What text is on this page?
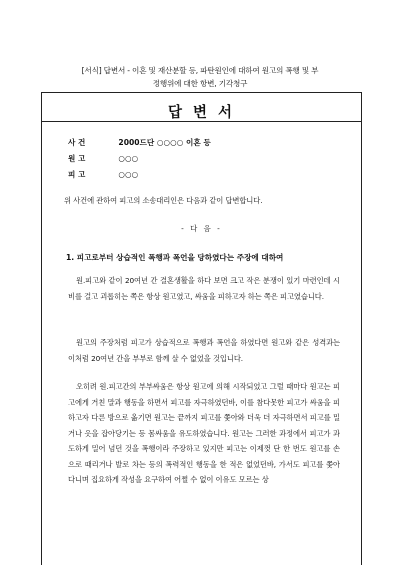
[서식] 답변서 - 이혼 및 재산분할 등, 파탄원인에 대하여 원고의 폭행 및 부
정행위에 대한 항변, 기각청구
답 변 서
사 건	2000드단 ○○○○ 이혼 등
원 고	○○○
피 고	○○○
위 사건에 관하여 피고의 소송대리인은 다음과 같이 답변합니다.
- 다 음 -
1. 피고로부터 상습적인 폭행과 폭언을 당하였다는 주장에 대하여
원.피고와 같이 20여년 간 결혼생활을 하다 보면 크고 작은 분쟁이 있기 마련인데 시비를 걸고 괴롭히는 쪽은 항상 원고였고, 싸움을 피하고자 하는 쪽은 피고였습니다.
원고의 주장처럼 피고가 상습적으로 폭행과 폭언을 하였다면 원고와 같은 성격과는 이처럼 20여년 간을 부부로 함께 살 수 없었을 것입니다.
오히려 원.피고간의 부부싸움은 항상 원고에 의해 시작되었고 그럴 때마다 원고는 피고에게 거친 말과 행동을 하면서 피고를 자극하였던바, 이를 참다못한 피고가 싸움을 피하고자 다른 방으로 옮기면 원고는 끝까지 피고를 쫓아와 더욱 더 자극하면서 피고를 밀거나 옷을 잡아당기는 등 몸싸움을 유도하였습니다. 원고는 그러한 과정에서 피고가 과도하게 밀어 넘던 것을 폭행이라 주장하고 있지만 피고는 이제껏 단 한 번도 원고를 손으로 때리거나 발로 차는 등의 폭력적인 행동을 한 적은 없었던바, 가서도 피고를 쫓아다니며 집요하게 작성을 요구하여 어쩔 수 없이 이유도 모르는 상
